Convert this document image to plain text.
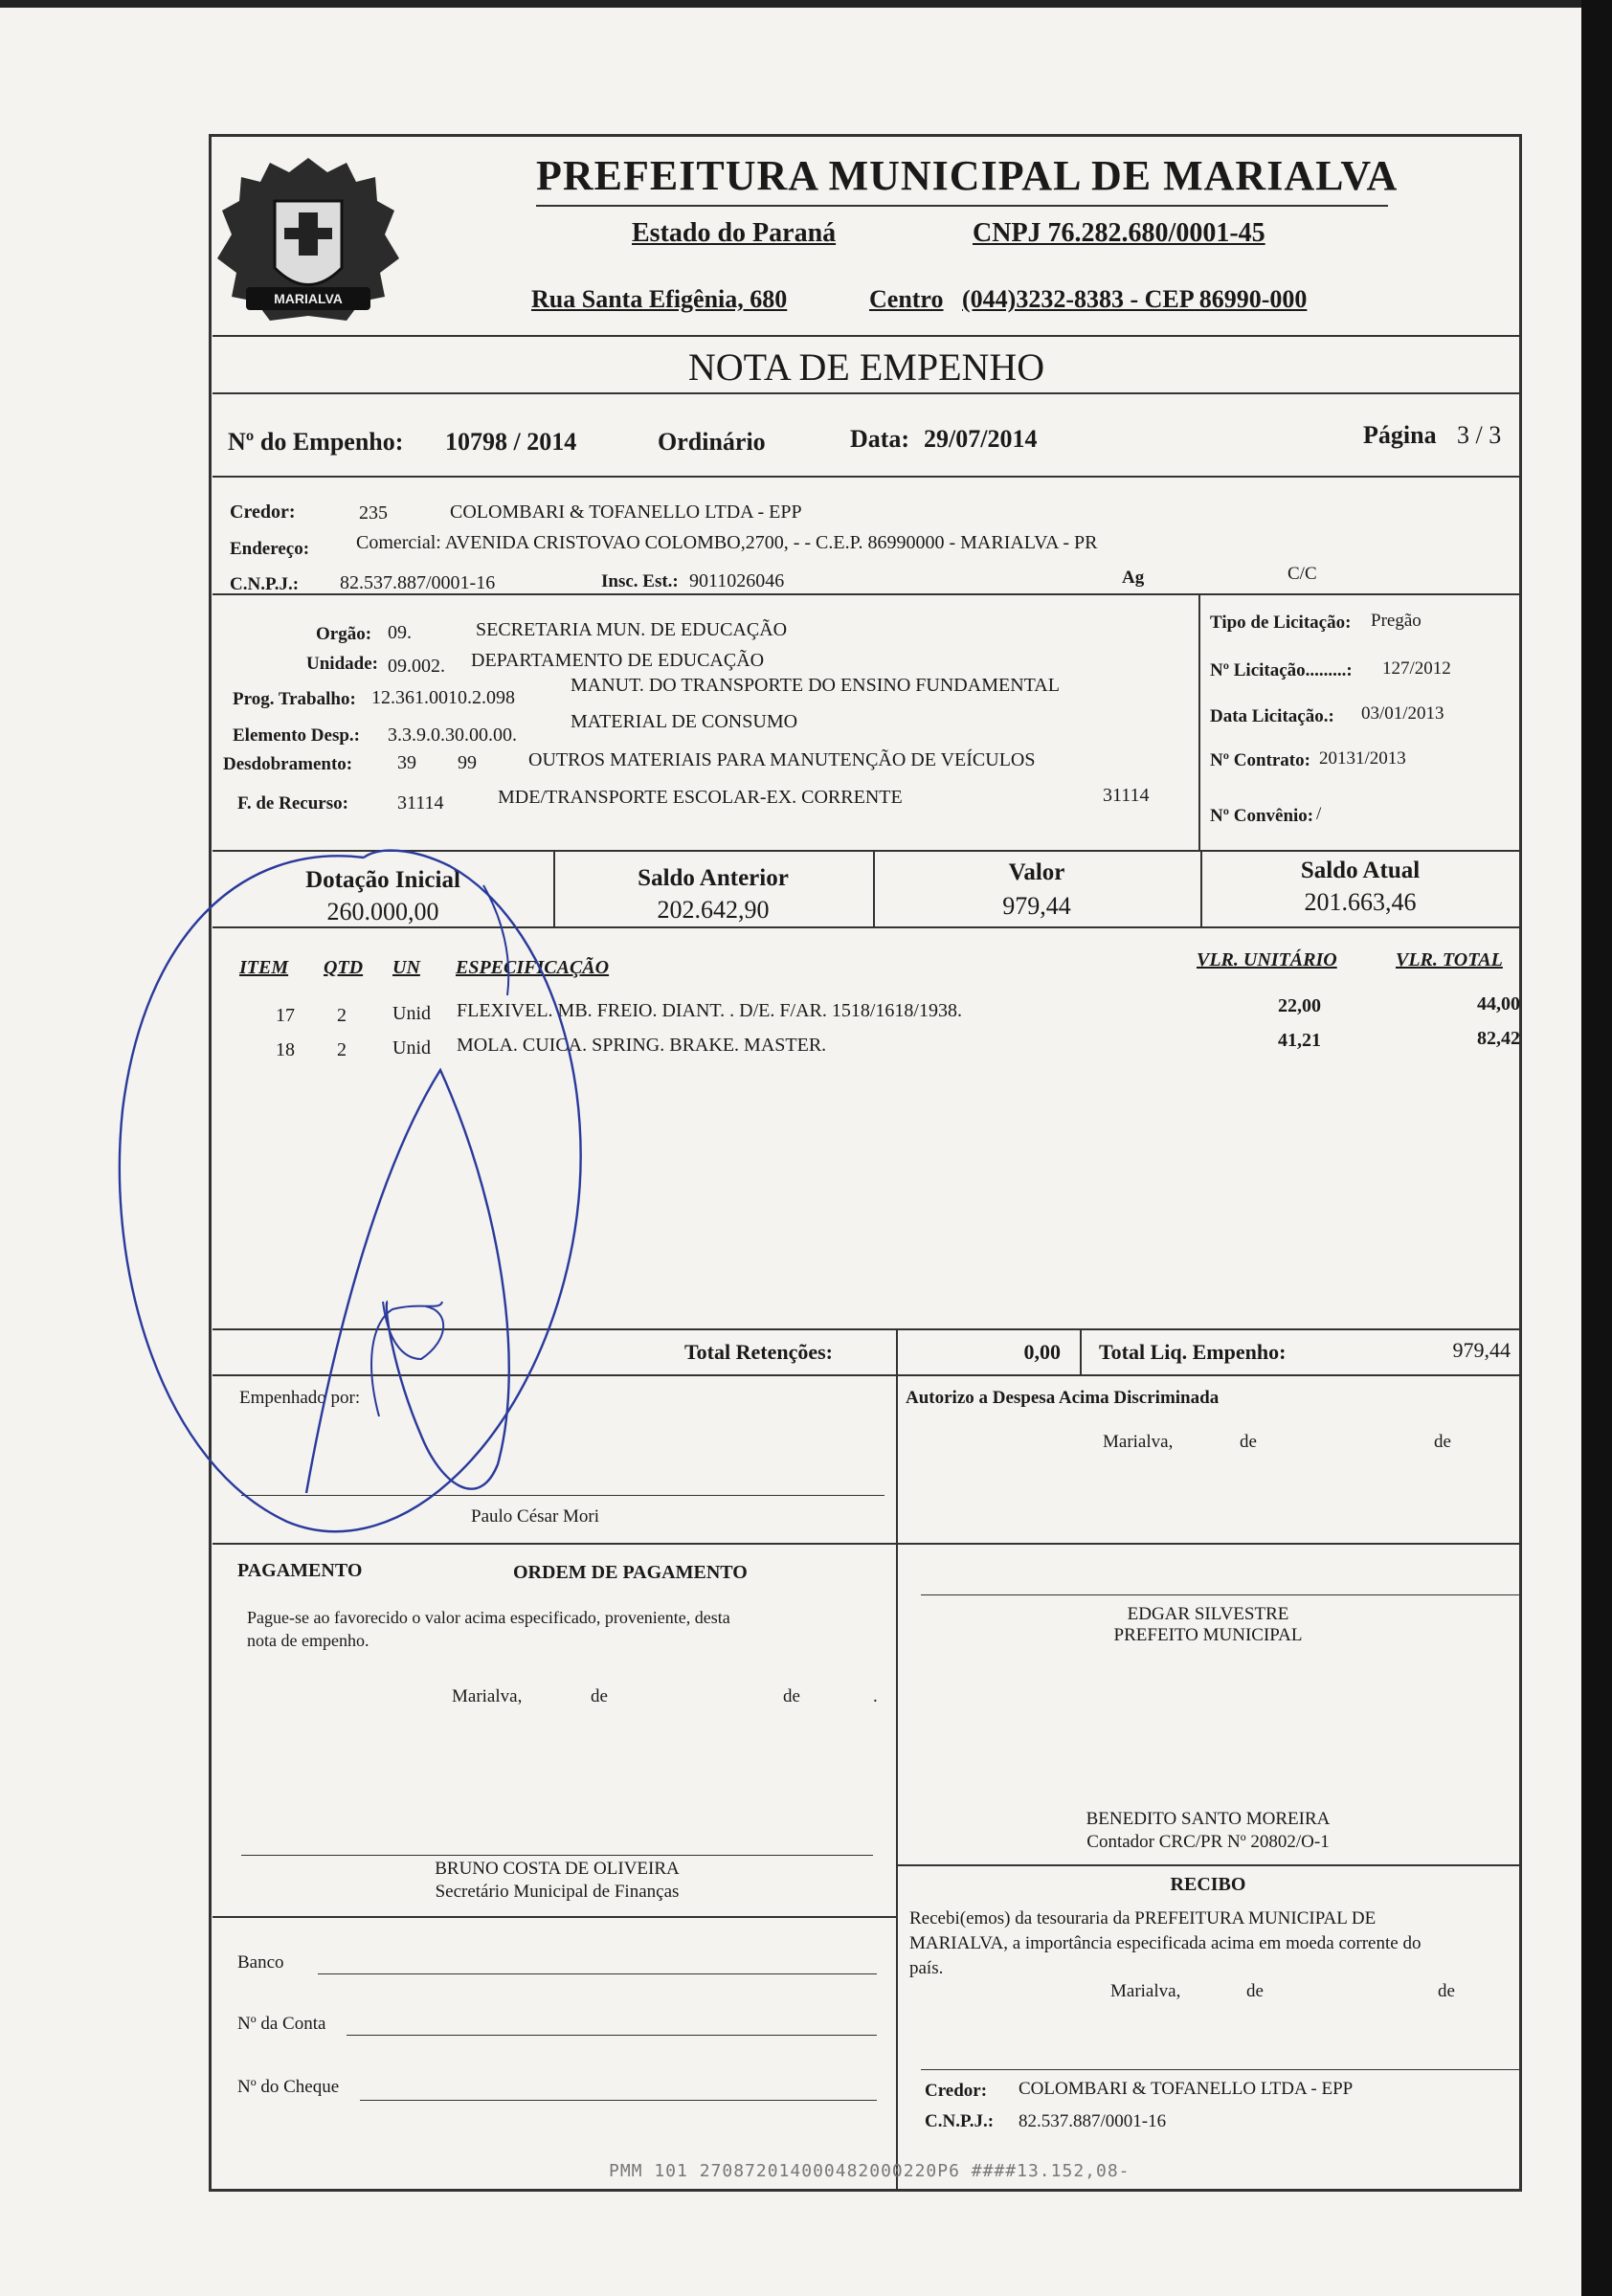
MARIALVA
PREFEITURA MUNICIPAL DE MARIALVA
Estado do Paraná	CNPJ 76.282.680/0001-45
Rua Santa Efigênia, 680	Centro (044)3232-8383 - CEP 86990-000
NOTA DE EMPENHO
Nº do Empenho: 10798 / 2014	Ordinário	Data: 29/07/2014	Página 3 / 3
Credor:	235	COLOMBARI & TOFANELLO LTDA - EPP
Endereço: Comercial: AVENIDA CRISTOVAO COLOMBO,2700, - - C.E.P. 86990000 - MARIALVA - PR
C.N.P.J.: 82.537.887/0001-16	Insc. Est.: 9011026046	Ag	C/C
Orgão: 09.	SECRETARIA MUN. DE EDUCAÇÃO
Unidade: 09.002. DEPARTAMENTO DE EDUCAÇÃO
Prog. Trabalho: 12.361.0010.2.098
MANUT. DO TRANSPORTE DO ENSINO FUNDAMENTAL
Elemento Desp.: 3.3.9.0.30.00.00.
MATERIAL DE CONSUMO
Desdobramento: 39 99	OUTROS MATERIAIS PARA MANUTENÇÃO DE VEÍCULOS
F. de Recurso:	31114	MDE/TRANSPORTE ESCOLAR-EX. CORRENTE	31114
Tipo de Licitação: Pregão
Nº Licitação.........: 127/2012
Data Licitação.: 03/01/2013
Nº Contrato: 20131/2013
Nº Convênio: /
Dotação Inicial
260.000,00
Saldo Anterior
202.642,90
Valor
979,44
Saldo Atual
201.663,46
ITEM QTD UN ESPECIFICAÇÃO	VLR. UNITÁRIO	VLR. TOTAL
17 2 Unid FLEXIVEL. MB. FREIO. DIANT. . D/E. F/AR. 1518/1618/1938.	22,00	44,00
18 2 Unid MOLA. CUICA. SPRING. BRAKE. MASTER.	41,21	82,42
Total Retenções:	0,00 Total Liq. Empenho:	979,44
Empenhado por:
Paulo César Mori
Autorizo a Despesa Acima Discriminada
Marialva,	de	de
PAGAMENTO	ORDEM DE PAGAMENTO
Pague-se ao favorecido o valor acima especificado, proveniente, desta
nota de empenho.
Marialva,	de	de	.
EDGAR SILVESTRE
PREFEITO MUNICIPAL
BENEDITO SANTO MOREIRA
Contador CRC/PR Nº 20802/O-1
BRUNO COSTA DE OLIVEIRA
Secretário Municipal de Finanças
Banco
Nº da Conta
Nº do Cheque
RECIBO
Recebi(emos) da tesouraria da PREFEITURA MUNICIPAL DE
MARIALVA, a importância especificada acima em moeda corrente do
país.
Marialva,	de	de
Credor: COLOMBARI & TOFANELLO LTDA - EPP
C.N.P.J.: 82.537.887/0001-16
PMM 101 270872014000482000220P6 ####13.152,08-
